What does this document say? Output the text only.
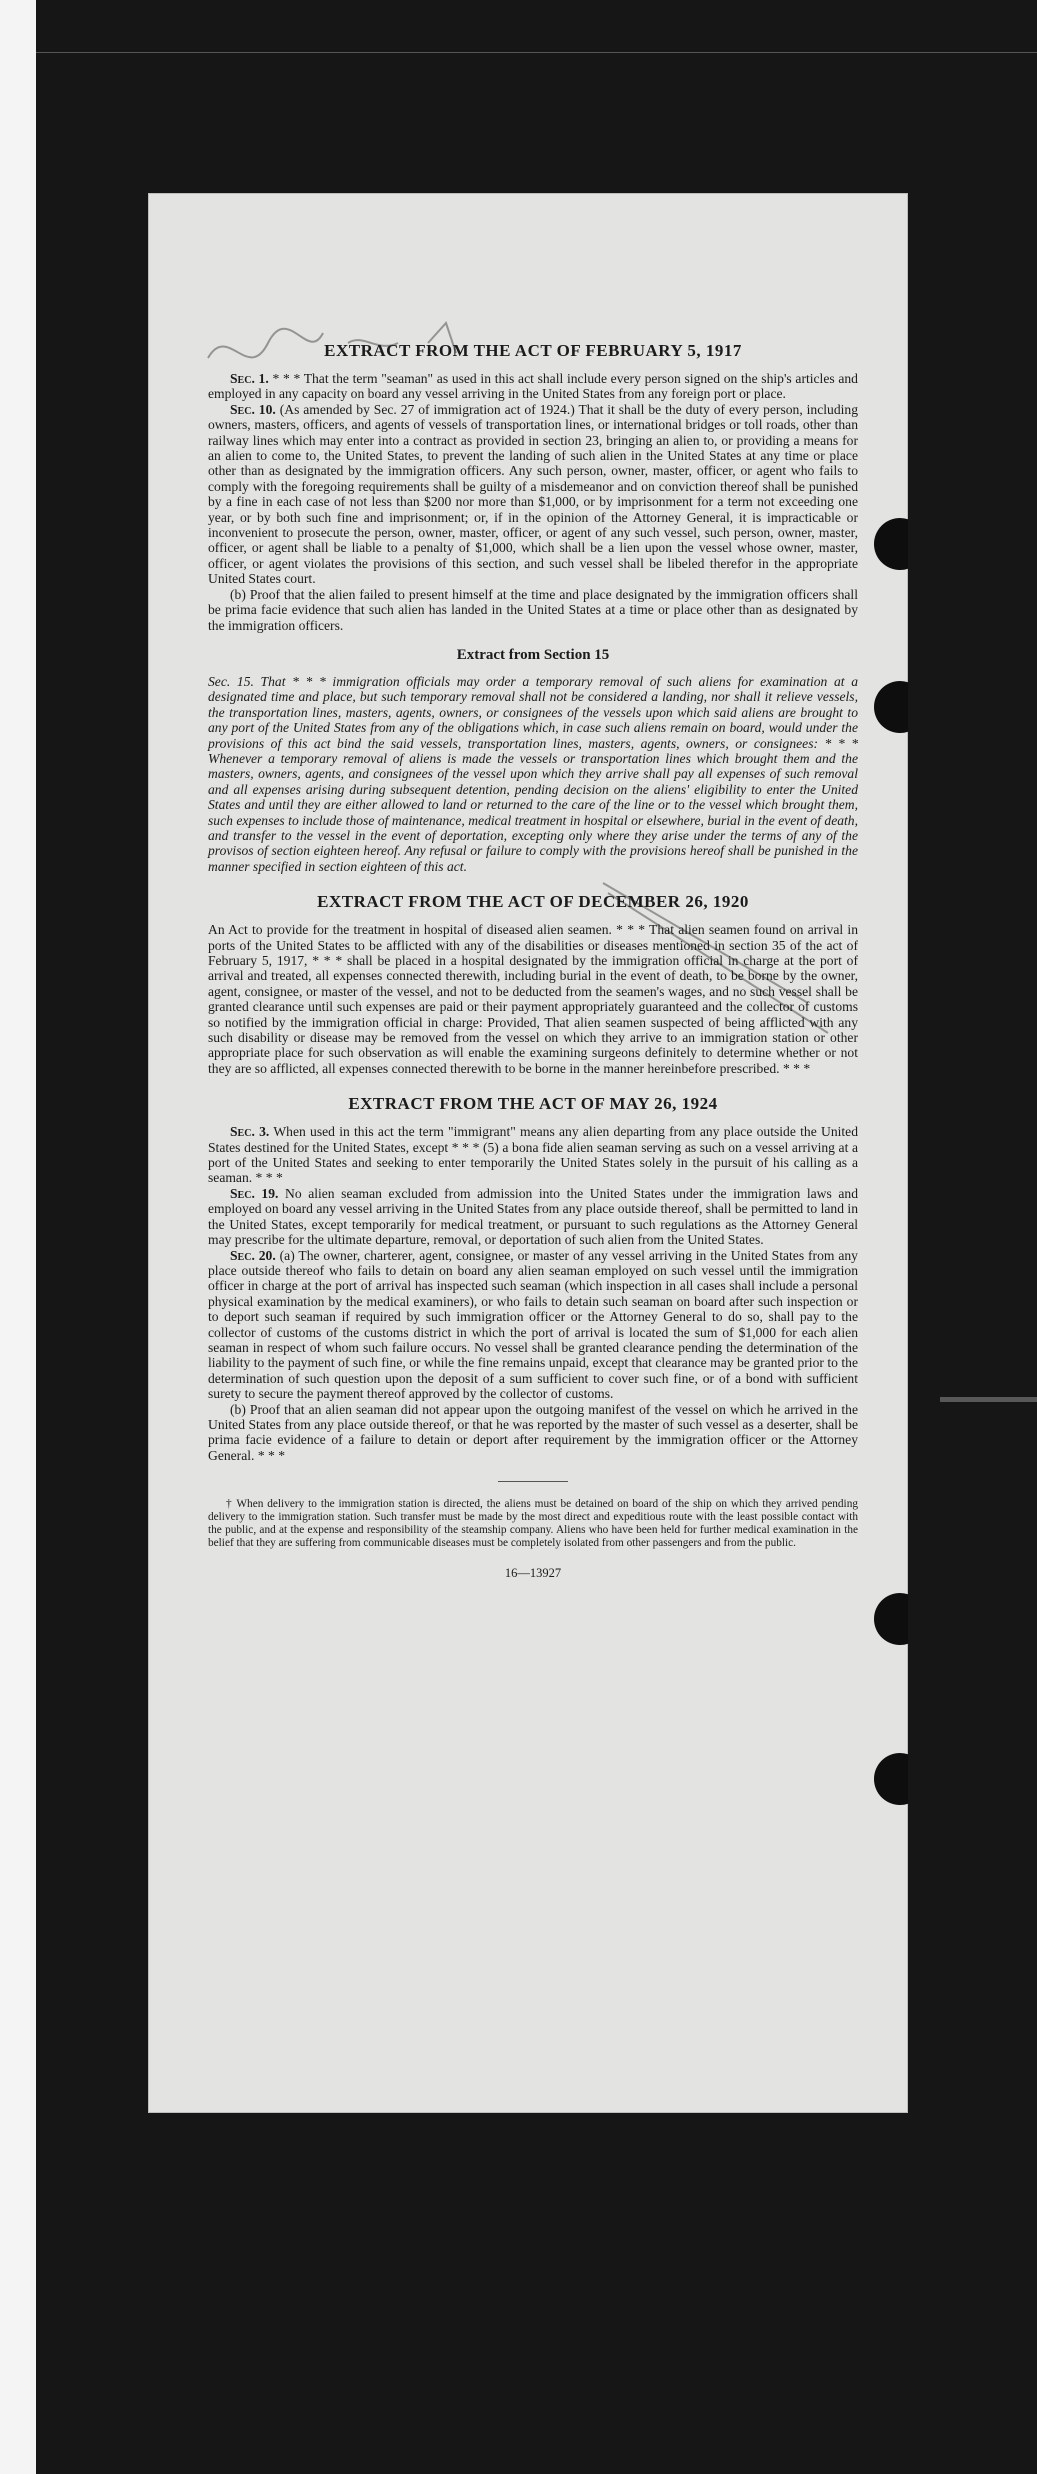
EXTRACT FROM THE ACT OF FEBRUARY 5, 1917

Sec. 1. * * * That the term "seaman" as used in this act shall include every person signed on the ship's articles and employed in any capacity on board any vessel arriving in the United States from any foreign port or place.

Sec. 10. (As amended by Sec. 27 of immigration act of 1924.) That it shall be the duty of every person, including owners, masters, officers, and agents of vessels of transportation lines, or international bridges or toll roads, other than railway lines which may enter into a contract as provided in section 23, bringing an alien to, or providing a means for an alien to come to, the United States, to prevent the landing of such alien in the United States at any time or place other than as designated by the immigration officers. Any such person, owner, master, officer, or agent who fails to comply with the foregoing requirements shall be guilty of a misdemeanor and on conviction thereof shall be punished by a fine in each case of not less than $200 nor more than $1,000, or by imprisonment for a term not exceeding one year, or by both such fine and imprisonment; or, if in the opinion of the Attorney General, it is impracticable or inconvenient to prosecute the person, owner, master, officer, or agent of any such vessel, such person, owner, master, officer, or agent shall be liable to a penalty of $1,000, which shall be a lien upon the vessel whose owner, master, officer, or agent violates the provisions of this section, and such vessel shall be libeled therefor in the appropriate United States court.

(b) Proof that the alien failed to present himself at the time and place designated by the immigration officers shall be prima facie evidence that such alien has landed in the United States at a time or place other than as designated by the immigration officers.

Extract from Section 15

Sec. 15. That * * * immigration officials may order a temporary removal of such aliens for examination at a designated time and place, but such temporary removal shall not be considered a landing, nor shall it relieve vessels, the transportation lines, masters, agents, owners, or consignees of the vessels upon which said aliens are brought to any port of the United States from any of the obligations which, in case such aliens remain on board, would under the provisions of this act bind the said vessels, transportation lines, masters, agents, owners, or consignees: * * * Whenever a temporary removal of aliens is made the vessels or transportation lines which brought them and the masters, owners, agents, and consignees of the vessel upon which they arrive shall pay all expenses of such removal and all expenses arising during subsequent detention, pending decision on the aliens' eligibility to enter the United States and until they are either allowed to land or returned to the care of the line or to the vessel which brought them, such expenses to include those of maintenance, medical treatment in hospital or elsewhere, burial in the event of death, and transfer to the vessel in the event of deportation, excepting only where they arise under the terms of any of the provisos of section eighteen hereof. Any refusal or failure to comply with the provisions hereof shall be punished in the manner specified in section eighteen of this act.

EXTRACT FROM THE ACT OF DECEMBER 26, 1920

An Act to provide for the treatment in hospital of diseased alien seamen. * * * That alien seamen found on arrival in ports of the United States to be afflicted with any of the disabilities or diseases mentioned in section 35 of the act of February 5, 1917, * * * shall be placed in a hospital designated by the immigration official in charge at the port of arrival and treated, all expenses connected therewith, including burial in the event of death, to be borne by the owner, agent, consignee, or master of the vessel, and not to be deducted from the seamen's wages, and no such vessel shall be granted clearance until such expenses are paid or their payment appropriately guaranteed and the collector of customs so notified by the immigration official in charge: Provided, That alien seamen suspected of being afflicted with any such disability or disease may be removed from the vessel on which they arrive to an immigration station or other appropriate place for such observation as will enable the examining surgeons definitely to determine whether or not they are so afflicted, all expenses connected therewith to be borne in the manner hereinbefore prescribed. * * *

EXTRACT FROM THE ACT OF MAY 26, 1924

Sec. 3. When used in this act the term "immigrant" means any alien departing from any place outside the United States destined for the United States, except * * * (5) a bona fide alien seaman serving as such on a vessel arriving at a port of the United States and seeking to enter temporarily the United States solely in the pursuit of his calling as a seaman. * * *

Sec. 19. No alien seaman excluded from admission into the United States under the immigration laws and employed on board any vessel arriving in the United States from any place outside thereof, shall be permitted to land in the United States, except temporarily for medical treatment, or pursuant to such regulations as the Attorney General may prescribe for the ultimate departure, removal, or deportation of such alien from the United States.

Sec. 20. (a) The owner, charterer, agent, consignee, or master of any vessel arriving in the United States from any place outside thereof who fails to detain on board any alien seaman employed on such vessel until the immigration officer in charge at the port of arrival has inspected such seaman (which inspection in all cases shall include a personal physical examination by the medical examiners), or who fails to detain such seaman on board after such inspection or to deport such seaman if required by such immigration officer or the Attorney General to do so, shall pay to the collector of customs of the customs district in which the port of arrival is located the sum of $1,000 for each alien seaman in respect of whom such failure occurs. No vessel shall be granted clearance pending the determination of the liability to the payment of such fine, or while the fine remains unpaid, except that clearance may be granted prior to the determination of such question upon the deposit of a sum sufficient to cover such fine, or of a bond with sufficient surety to secure the payment thereof approved by the collector of customs.

(b) Proof that an alien seaman did not appear upon the outgoing manifest of the vessel on which he arrived in the United States from any place outside thereof, or that he was reported by the master of such vessel as a deserter, shall be prima facie evidence of a failure to detain or deport after requirement by the immigration officer or the Attorney General. * * *

† When delivery to the immigration station is directed, the aliens must be detained on board of the ship on which they arrived pending delivery to the immigration station. Such transfer must be made by the most direct and expeditious route with the least possible contact with the public, and at the expense and responsibility of the steamship company. Aliens who have been held for further medical examination in the belief that they are suffering from communicable diseases must be completely isolated from other passengers and from the public.

16—13927
